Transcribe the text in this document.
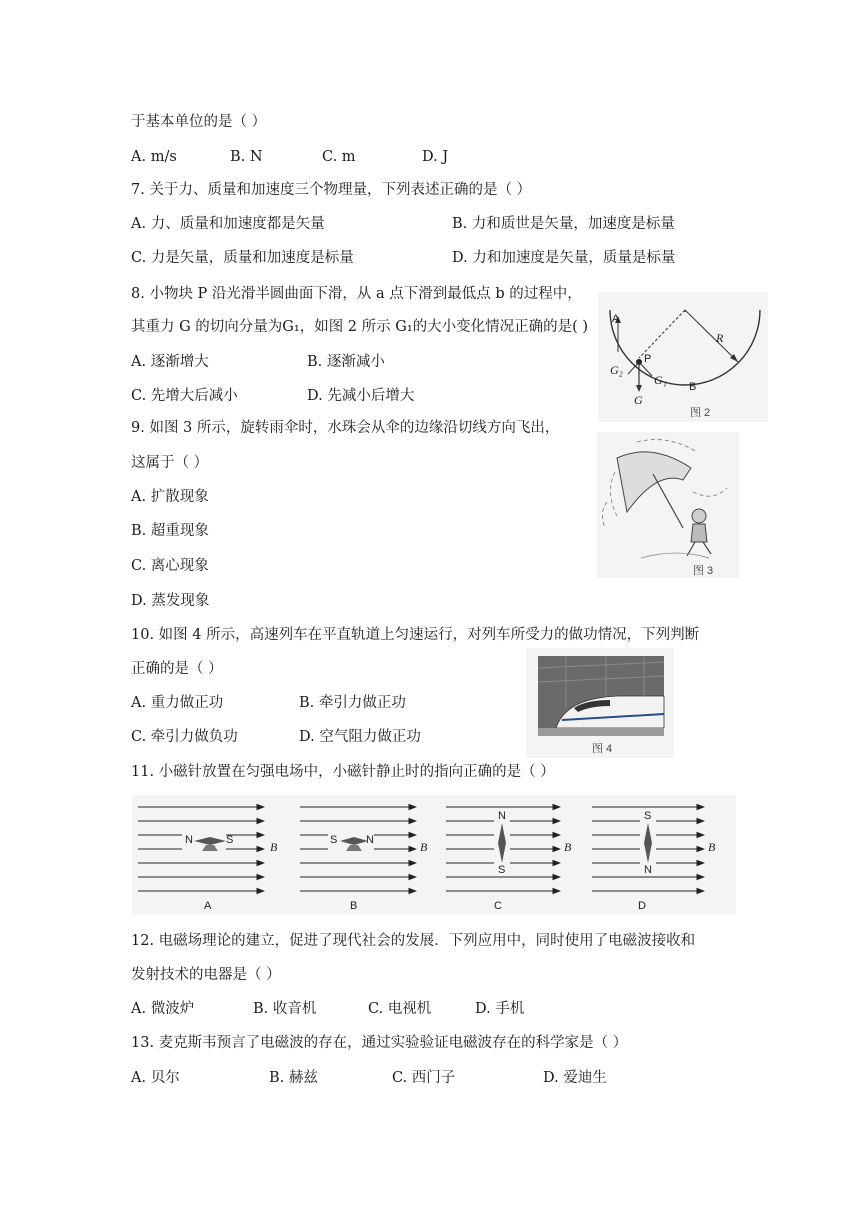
于基本单位的是（ ）
A. m/s	B. N	C. m	D. J
7. 关于力、质量和加速度三个物理量，下列表述正确的是（ ）
A. 力、质量和加速度都是矢量	B. 力和质世是矢量，加速度是标量
C. 力是矢量，质量和加速度是标量	D. 力和加速度是矢量，质量是标量
8. 小物块 P 沿光滑半圆曲面下滑，从 a 点下滑到最低点 b 的过程中，
其重力 G 的切向分量为G₁，如图 2 所示 G₁的大小变化情况正确的是( )
A. 逐渐增大	B. 逐渐减小
C. 先增大后减小	D. 先减小后增大
A
R
P
G₂
G₁
G
B
图 2
9. 如图 3 所示，旋转雨伞时，水珠会从伞的边缘沿切线方向飞出，
这属于（ ）
A. 扩散现象
B. 超重现象
C. 离心现象
D. 蒸发现象
图 3
10. 如图 4 所示，高速列车在平直轨道上匀速运行，对列车所受力的做功情况，下列判断
正确的是（ ）
A. 重力做正功	B. 牵引力做正功
C. 牵引力做负功	D. 空气阻力做正功
图 4
11. 小磁针放置在匀强电场中，小磁针静止时的指向正确的是（ ）
N	S	B
A
S	N	B
B
N
S
B
C
S
N
B
D
12. 电磁场理论的建立，促进了现代社会的发展．下列应用中，同时使用了电磁波接收和
发射技术的电器是（ ）
A. 微波炉	B. 收音机	C. 电视机	D. 手机
13. 麦克斯韦预言了电磁波的存在，通过实验验证电磁波存在的科学家是（ ）
A. 贝尔	B. 赫兹	C. 西门子	D. 爱迪生
